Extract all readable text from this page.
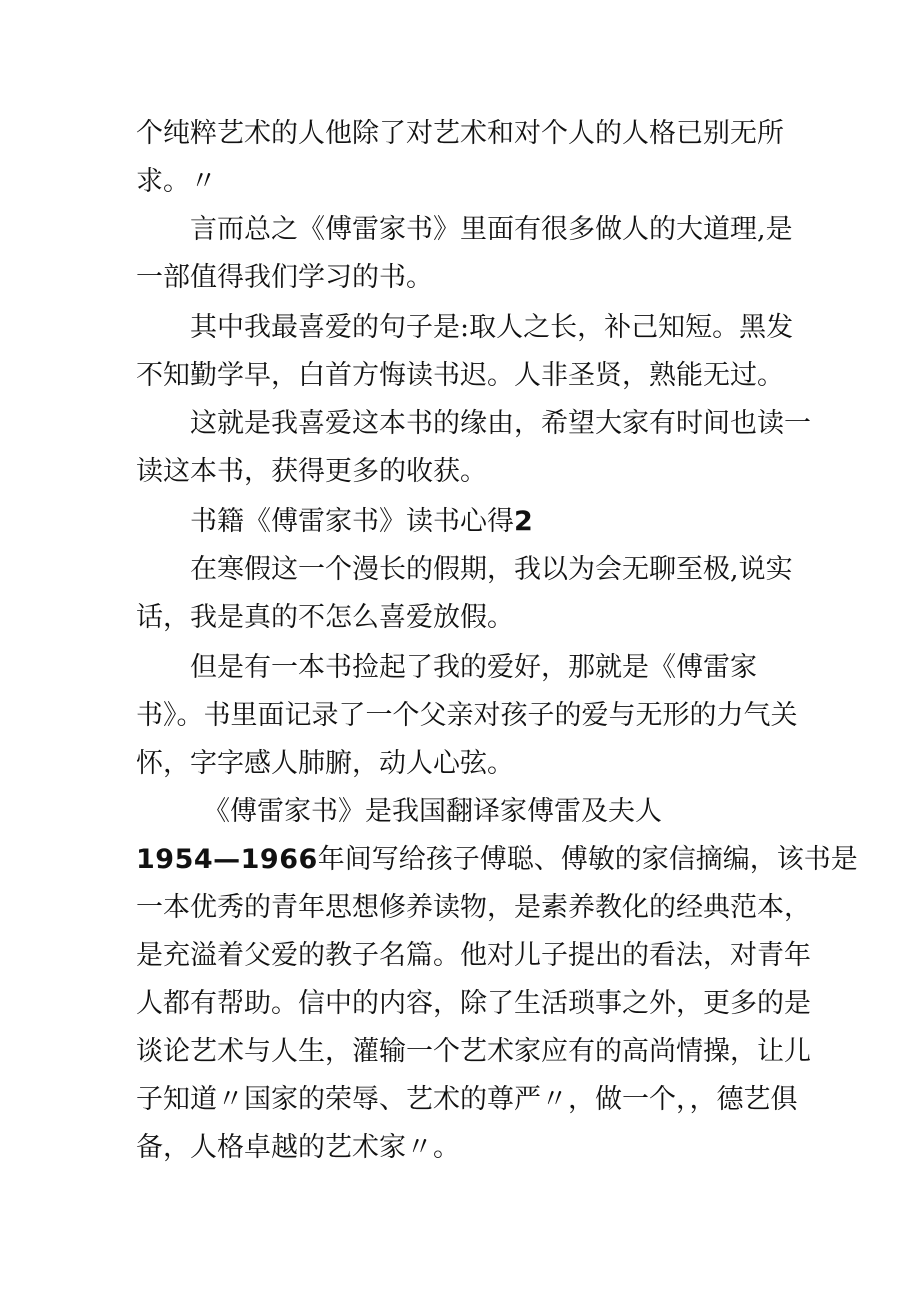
个纯粹艺术的人他除了对艺术和对个人的人格已别无所

求。〃

言而总之《傅雷家书》里面有很多做人的大道理,是

一部值得我们学习的书。

其中我最喜爱的句子是:取人之长，补己知短。黑发

不知勤学早，白首方悔读书迟。人非圣贤，熟能无过。

这就是我喜爱这本书的缘由，希望大家有时间也读一

读这本书，获得更多的收获。

书籍《傅雷家书》读书心得2

在寒假这一个漫长的假期，我以为会无聊至极,说实

话，我是真的不怎么喜爱放假。

但是有一本书捡起了我的爱好，那就是《傅雷家

书》。书里面记录了一个父亲对孩子的爱与无形的力气关

怀，字字感人肺腑，动人心弦。

《傅雷家书》是我国翻译家傅雷及夫人

1954—1966年间写给孩子傅聪、傅敏的家信摘编，该书是

一本优秀的青年思想修养读物，是素养教化的经典范本，

是充溢着父爱的教子名篇。他对儿子提出的看法，对青年

人都有帮助。信中的内容，除了生活琐事之外，更多的是

谈论艺术与人生，灌输一个艺术家应有的高尚情操，让儿

子知道〃国家的荣辱、艺术的尊严〃，做一个，，德艺俱

备，人格卓越的艺术家〃。
